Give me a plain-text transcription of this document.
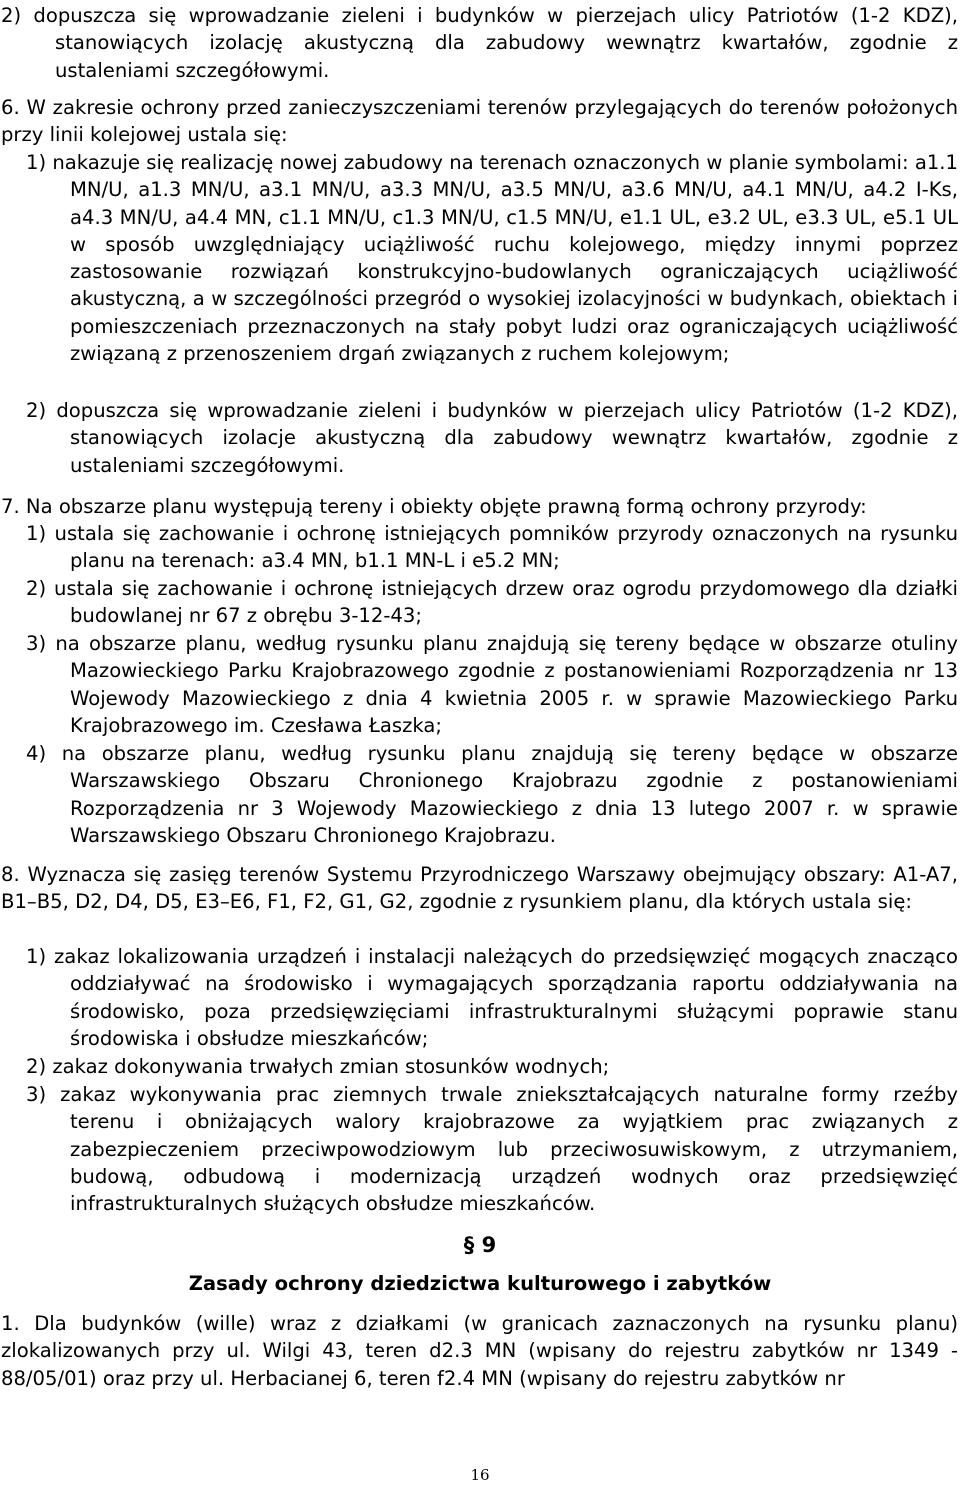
2) dopuszcza się wprowadzanie zieleni i budynków w pierzejach ulicy Patriotów (1-2 KDZ), stanowiących izolację akustyczną dla zabudowy wewnątrz kwartałów, zgodnie z ustaleniami szczegółowymi.
6. W zakresie ochrony przed zanieczyszczeniami terenów przylegających do terenów położonych przy linii kolejowej ustala się:
1) nakazuje się realizację nowej zabudowy na terenach oznaczonych w planie symbolami: a1.1 MN/U, a1.3 MN/U, a3.1 MN/U, a3.3 MN/U, a3.5 MN/U, a3.6 MN/U, a4.1 MN/U, a4.2 I-Ks, a4.3 MN/U, a4.4 MN, c1.1 MN/U, c1.3 MN/U, c1.5 MN/U, e1.1 UL, e3.2 UL, e3.3 UL, e5.1 UL w sposób uwzględniający uciążliwość ruchu kolejowego, między innymi poprzez zastosowanie rozwiązań konstrukcyjno-budowlanych ograniczających uciążliwość akustyczną, a w szczególności przegród o wysokiej izolacyjności w budynkach, obiektach i pomieszczeniach przeznaczonych na stały pobyt ludzi oraz ograniczających uciążliwość związaną z przenoszeniem drgań związanych z ruchem kolejowym;
2) dopuszcza się wprowadzanie zieleni i budynków w pierzejach ulicy Patriotów (1-2 KDZ), stanowiących izolacje akustyczną dla zabudowy wewnątrz kwartałów, zgodnie z ustaleniami szczegółowymi.
7. Na obszarze planu występują tereny i obiekty objęte prawną formą ochrony przyrody:
1) ustala się zachowanie i ochronę istniejących pomników przyrody oznaczonych na rysunku planu na terenach: a3.4 MN, b1.1 MN-L i e5.2 MN;
2) ustala się zachowanie i ochronę istniejących drzew oraz ogrodu przydomowego dla działki budowlanej nr 67 z obrębu 3-12-43;
3) na obszarze planu, według rysunku planu znajdują się tereny będące w obszarze otuliny Mazowieckiego Parku Krajobrazowego zgodnie z postanowieniami Rozporządzenia nr 13 Wojewody Mazowieckiego z dnia 4 kwietnia 2005 r. w sprawie Mazowieckiego Parku Krajobrazowego im. Czesława Łaszka;
4) na obszarze planu, według rysunku planu znajdują się tereny będące w obszarze Warszawskiego Obszaru Chronionego Krajobrazu zgodnie z postanowieniami Rozporządzenia nr 3 Wojewody Mazowieckiego z dnia 13 lutego 2007 r. w sprawie Warszawskiego Obszaru Chronionego Krajobrazu.
8. Wyznacza się zasięg terenów Systemu Przyrodniczego Warszawy obejmujący obszary: A1-A7, B1–B5, D2, D4, D5, E3–E6, F1, F2, G1, G2, zgodnie z rysunkiem planu, dla których ustala się:
1) zakaz lokalizowania urządzeń i instalacji należących do przedsięwzięć mogących znacząco oddziaływać na środowisko i wymagających sporządzania raportu oddziaływania na środowisko, poza przedsięwzięciami infrastrukturalnymi służącymi poprawie stanu środowiska i obsłudze mieszkańców;
2) zakaz dokonywania trwałych zmian stosunków wodnych;
3) zakaz wykonywania prac ziemnych trwale zniekształcających naturalne formy rzeźby terenu i obniżających walory krajobrazowe za wyjątkiem prac związanych z zabezpieczeniem przeciwpowodziowym lub przeciwosuwiskowym, z utrzymaniem, budową, odbudową i modernizacją urządzeń wodnych oraz przedsięwzięć infrastrukturalnych służących obsłudze mieszkańców.
§ 9
Zasady ochrony dziedzictwa kulturowego i zabytków
1. Dla budynków (wille) wraz z działkami (w granicach zaznaczonych na rysunku planu) zlokalizowanych przy ul. Wilgi 43, teren d2.3 MN (wpisany do rejestru zabytków nr 1349 - 88/05/01) oraz przy ul. Herbacianej 6, teren f2.4 MN (wpisany do rejestru zabytków nr
16
